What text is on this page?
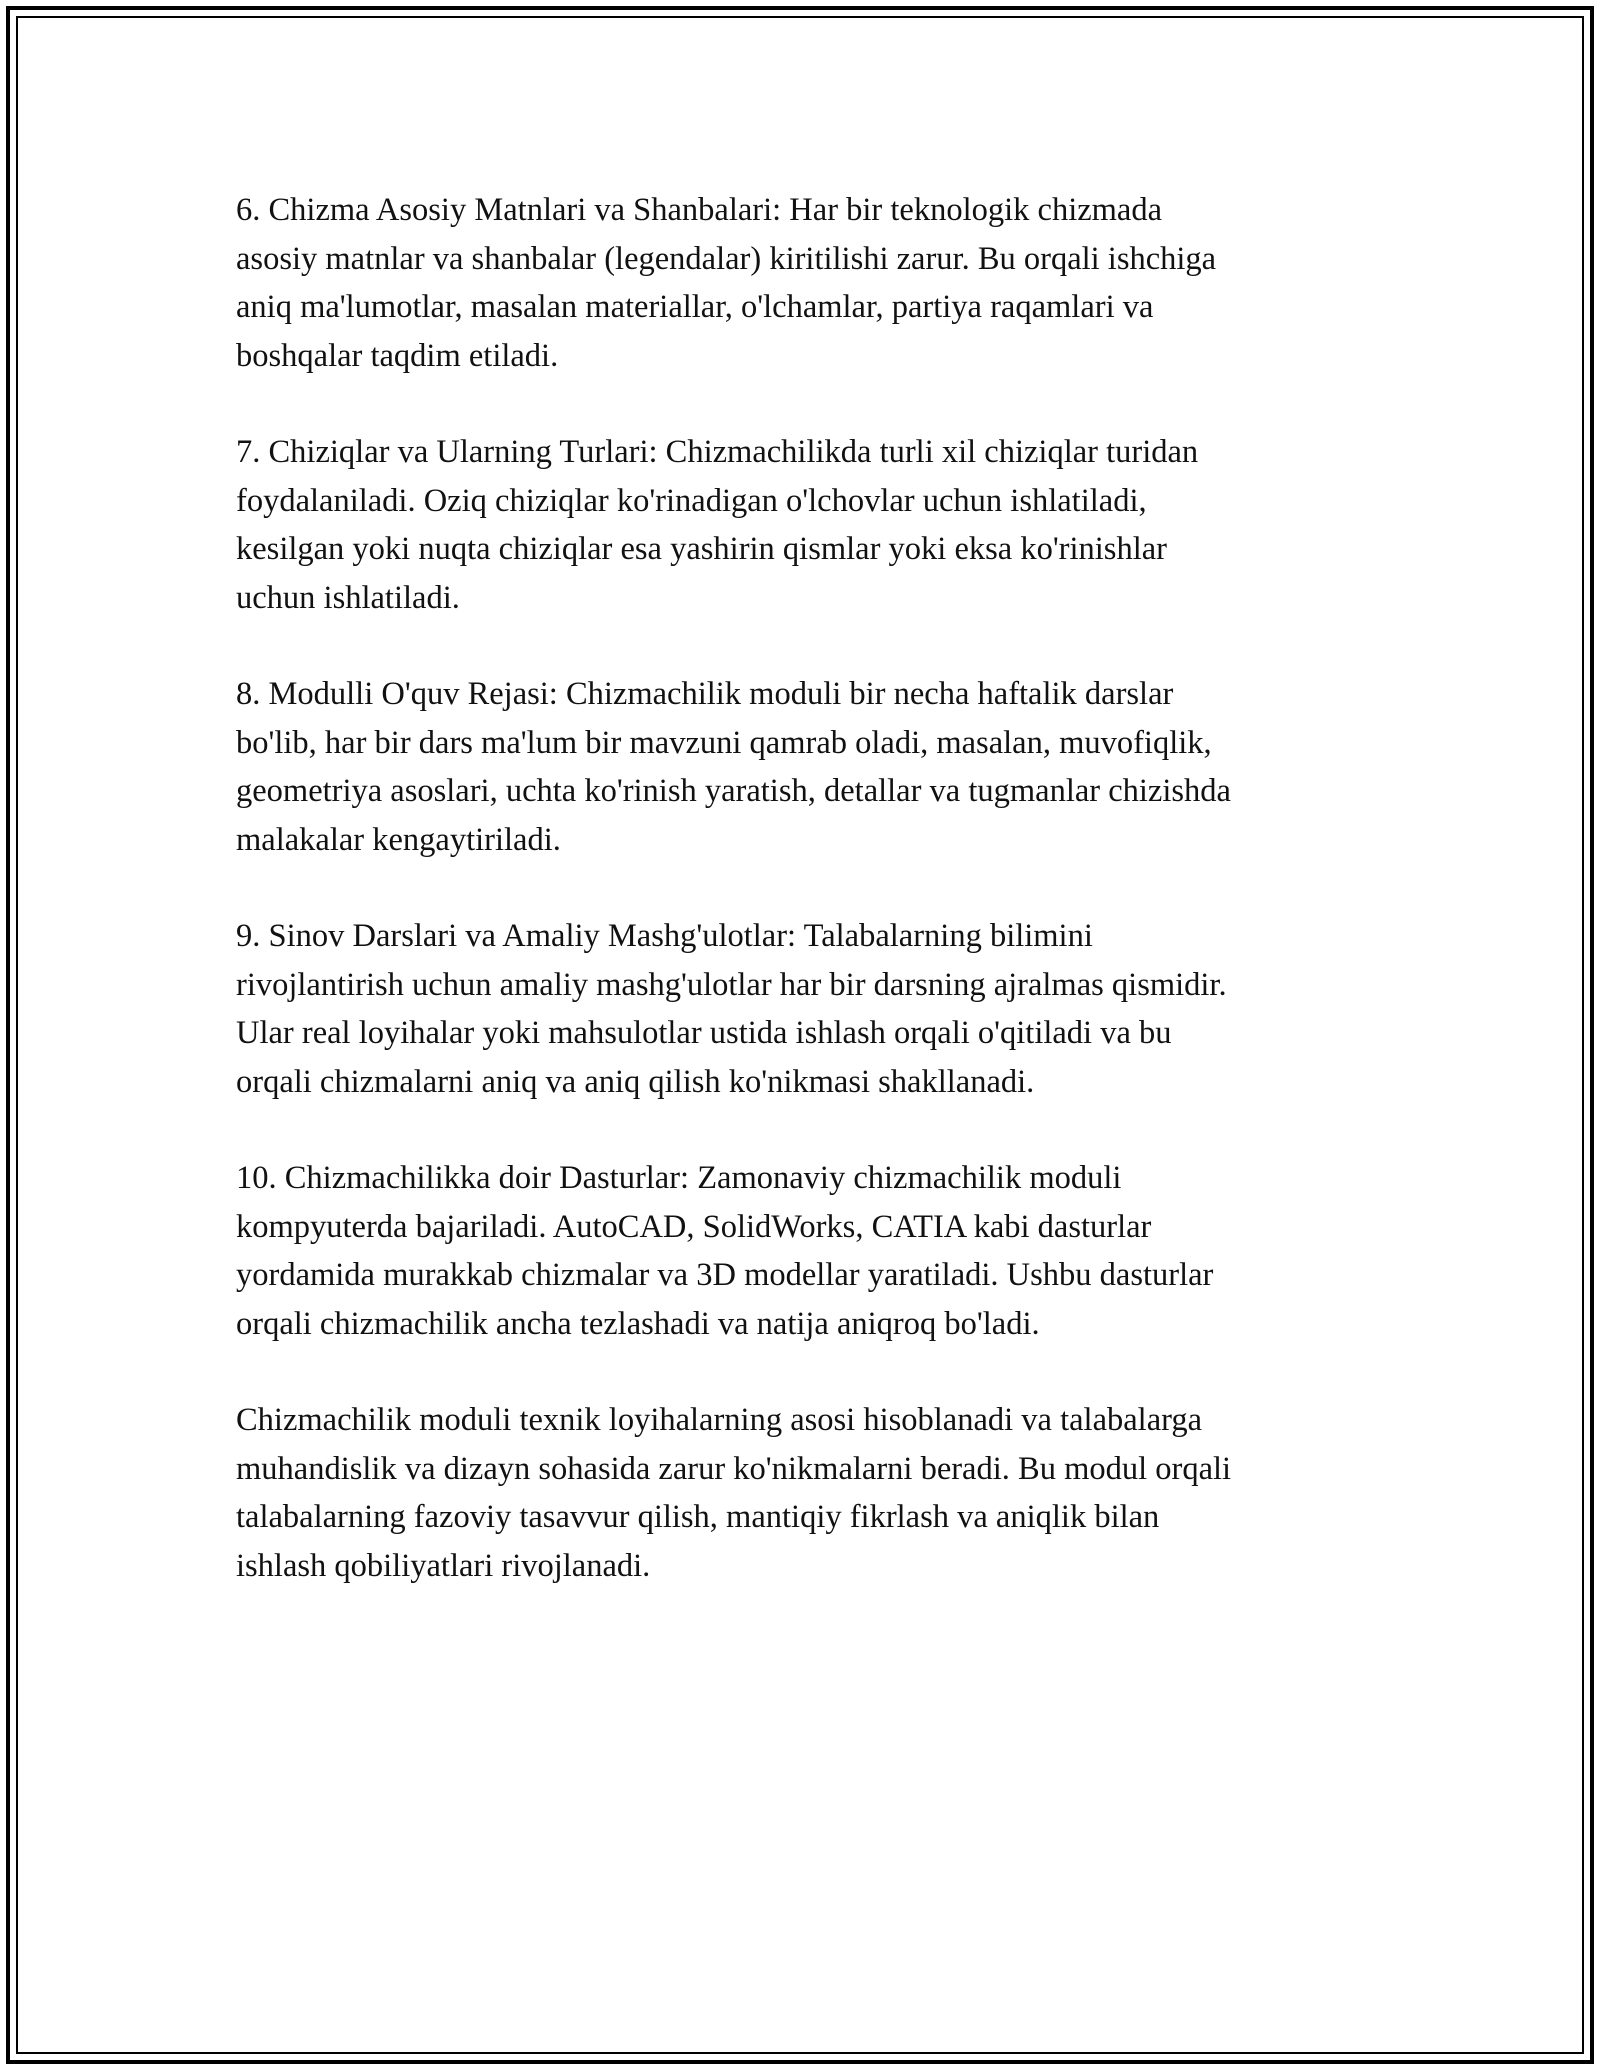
6. Chizma Asosiy Matnlari va Shanbalari: Har bir teknologik chizmada
asosiy matnlar va shanbalar (legendalar) kiritilishi zarur. Bu orqali ishchiga
aniq ma'lumotlar, masalan materiallar, o'lchamlar, partiya raqamlari va
boshqalar taqdim etiladi.

7. Chiziqlar va Ularning Turlari: Chizmachilikda turli xil chiziqlar turidan
foydalaniladi. Oziq chiziqlar ko'rinadigan o'lchovlar uchun ishlatiladi,
kesilgan yoki nuqta chiziqlar esa yashirin qismlar yoki eksa ko'rinishlar
uchun ishlatiladi.

8. Modulli O'quv Rejasi: Chizmachilik moduli bir necha haftalik darslar
bo'lib, har bir dars ma'lum bir mavzuni qamrab oladi, masalan, muvofiqlik,
geometriya asoslari, uchta ko'rinish yaratish, detallar va tugmanlar chizishda
malakalar kengaytiriladi.

9. Sinov Darslari va Amaliy Mashg'ulotlar: Talabalarning bilimini
rivojlantirish uchun amaliy mashg'ulotlar har bir darsning ajralmas qismidir.
Ular real loyihalar yoki mahsulotlar ustida ishlash orqali o'qitiladi va bu
orqali chizmalarni aniq va aniq qilish ko'nikmasi shakllanadi.

10. Chizmachilikka doir Dasturlar: Zamonaviy chizmachilik moduli
kompyuterda bajariladi. AutoCAD, SolidWorks, CATIA kabi dasturlar
yordamida murakkab chizmalar va 3D modellar yaratiladi. Ushbu dasturlar
orqali chizmachilik ancha tezlashadi va natija aniqroq bo'ladi.

Chizmachilik moduli texnik loyihalarning asosi hisoblanadi va talabalarga
muhandislik va dizayn sohasida zarur ko'nikmalarni beradi. Bu modul orqali
talabalarning fazoviy tasavvur qilish, mantiqiy fikrlash va aniqlik bilan
ishlash qobiliyatlari rivojlanadi.
